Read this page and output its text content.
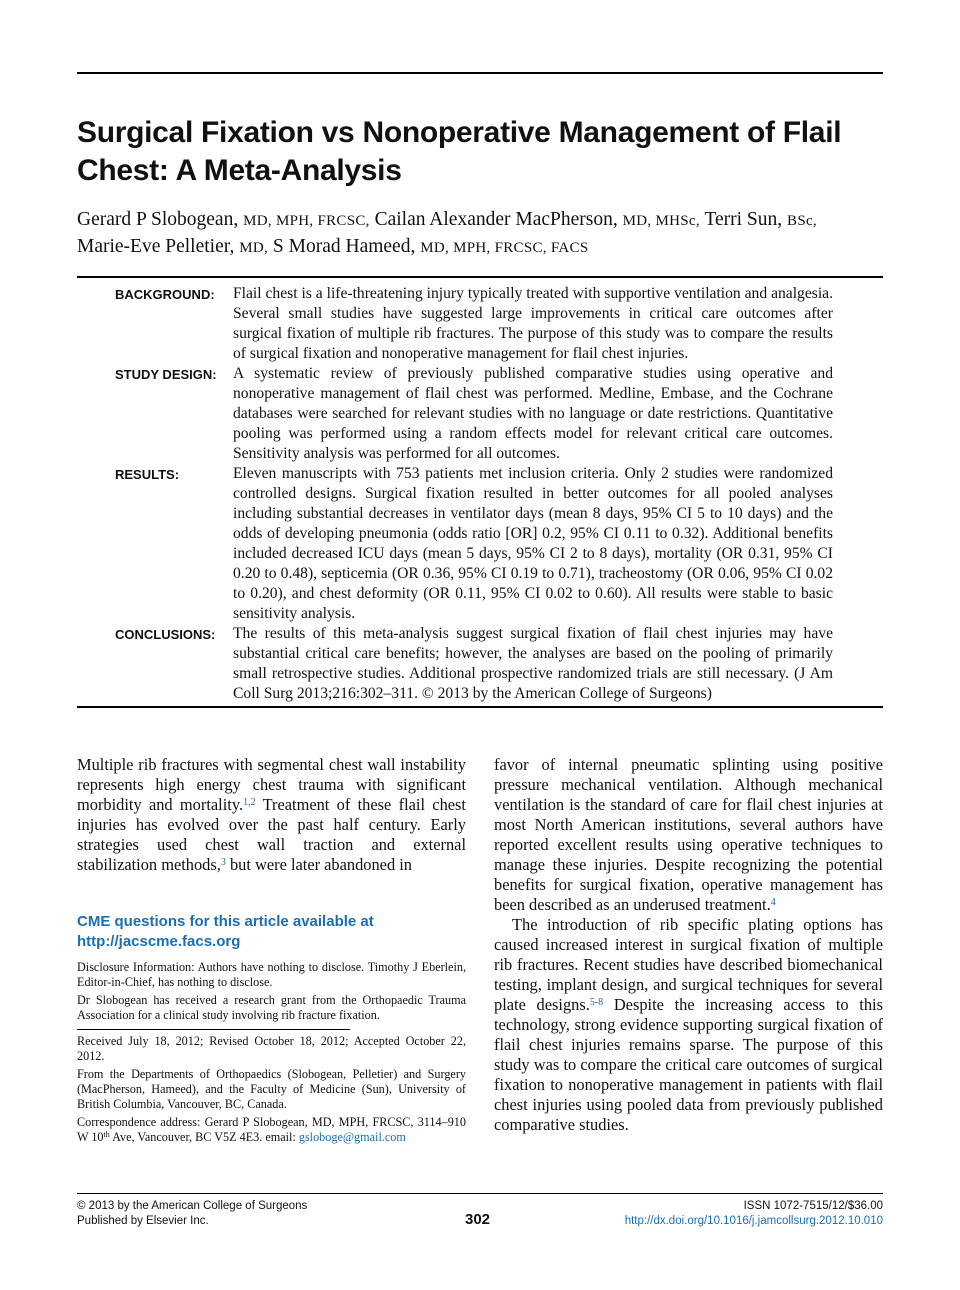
Surgical Fixation vs Nonoperative Management of Flail Chest: A Meta-Analysis
Gerard P Slobogean, MD, MPH, FRCSC, Cailan Alexander MacPherson, MD, MHSc, Terri Sun, BSc,
Marie-Eve Pelletier, MD, S Morad Hameed, MD, MPH, FRCSC, FACS
BACKGROUND:	Flail chest is a life-threatening injury typically treated with supportive ventilation and analgesia. Several small studies have suggested large improvements in critical care outcomes after surgical fixation of multiple rib fractures. The purpose of this study was to compare the results of surgical fixation and nonoperative management for flail chest injuries.
STUDY DESIGN:	A systematic review of previously published comparative studies using operative and nonoperative management of flail chest was performed. Medline, Embase, and the Cochrane databases were searched for relevant studies with no language or date restrictions. Quantitative pooling was performed using a random effects model for relevant critical care outcomes. Sensitivity analysis was performed for all outcomes.
RESULTS:	Eleven manuscripts with 753 patients met inclusion criteria. Only 2 studies were randomized controlled designs. Surgical fixation resulted in better outcomes for all pooled analyses including substantial decreases in ventilator days (mean 8 days, 95% CI 5 to 10 days) and the odds of developing pneumonia (odds ratio [OR] 0.2, 95% CI 0.11 to 0.32). Additional benefits included decreased ICU days (mean 5 days, 95% CI 2 to 8 days), mortality (OR 0.31, 95% CI 0.20 to 0.48), septicemia (OR 0.36, 95% CI 0.19 to 0.71), tracheostomy (OR 0.06, 95% CI 0.02 to 0.20), and chest deformity (OR 0.11, 95% CI 0.02 to 0.60). All results were stable to basic sensitivity analysis.
CONCLUSIONS:	The results of this meta-analysis suggest surgical fixation of flail chest injuries may have substantial critical care benefits; however, the analyses are based on the pooling of primarily small retrospective studies. Additional prospective randomized trials are still necessary. (J Am Coll Surg 2013;216:302–311. © 2013 by the American College of Surgeons)

Multiple rib fractures with segmental chest wall instability represents high energy chest trauma with significant morbidity and mortality.$^{1,2}$ Treatment of these flail chest injuries has evolved over the past half century. Early strategies used chest wall traction and external stabilization methods,$^3$ but were later abandoned in

CME questions for this article available at
http://jacscme.facs.org

Disclosure Information: Authors have nothing to disclose. Timothy J Eberlein, Editor-in-Chief, has nothing to disclose.

Dr Slobogean has received a research grant from the Orthopaedic Trauma Association for a clinical study involving rib fracture fixation.

Received July 18, 2012; Revised October 18, 2012; Accepted October 22, 2012.

From the Departments of Orthopaedics (Slobogean, Pelletier) and Surgery (MacPherson, Hameed), and the Faculty of Medicine (Sun), University of British Columbia, Vancouver, BC, Canada.

Correspondence address: Gerard P Slobogean, MD, MPH, FRCSC, 3114–910 W 10th Ave, Vancouver, BC V5Z 4E3. email: gsloboge@gmail.com

favor of internal pneumatic splinting using positive pressure mechanical ventilation. Although mechanical ventilation is the standard of care for flail chest injuries at most North American institutions, several authors have reported excellent results using operative techniques to manage these injuries. Despite recognizing the potential benefits for surgical fixation, operative management has been described as an underused treatment.$^4$

The introduction of rib specific plating options has caused increased interest in surgical fixation of multiple rib fractures. Recent studies have described biomechanical testing, implant design, and surgical techniques for several plate designs.$^{5-8}$ Despite the increasing access to this technology, strong evidence supporting surgical fixation of flail chest injuries remains sparse. The purpose of this study was to compare the critical care outcomes of surgical fixation to nonoperative management in patients with flail chest injuries using pooled data from previously published comparative studies.

© 2013 by the American College of Surgeons
Published by Elsevier Inc.	302
ISSN 1072-7515/12/$36.00
http://dx.doi.org/10.1016/j.jamcollsurg.2012.10.010
